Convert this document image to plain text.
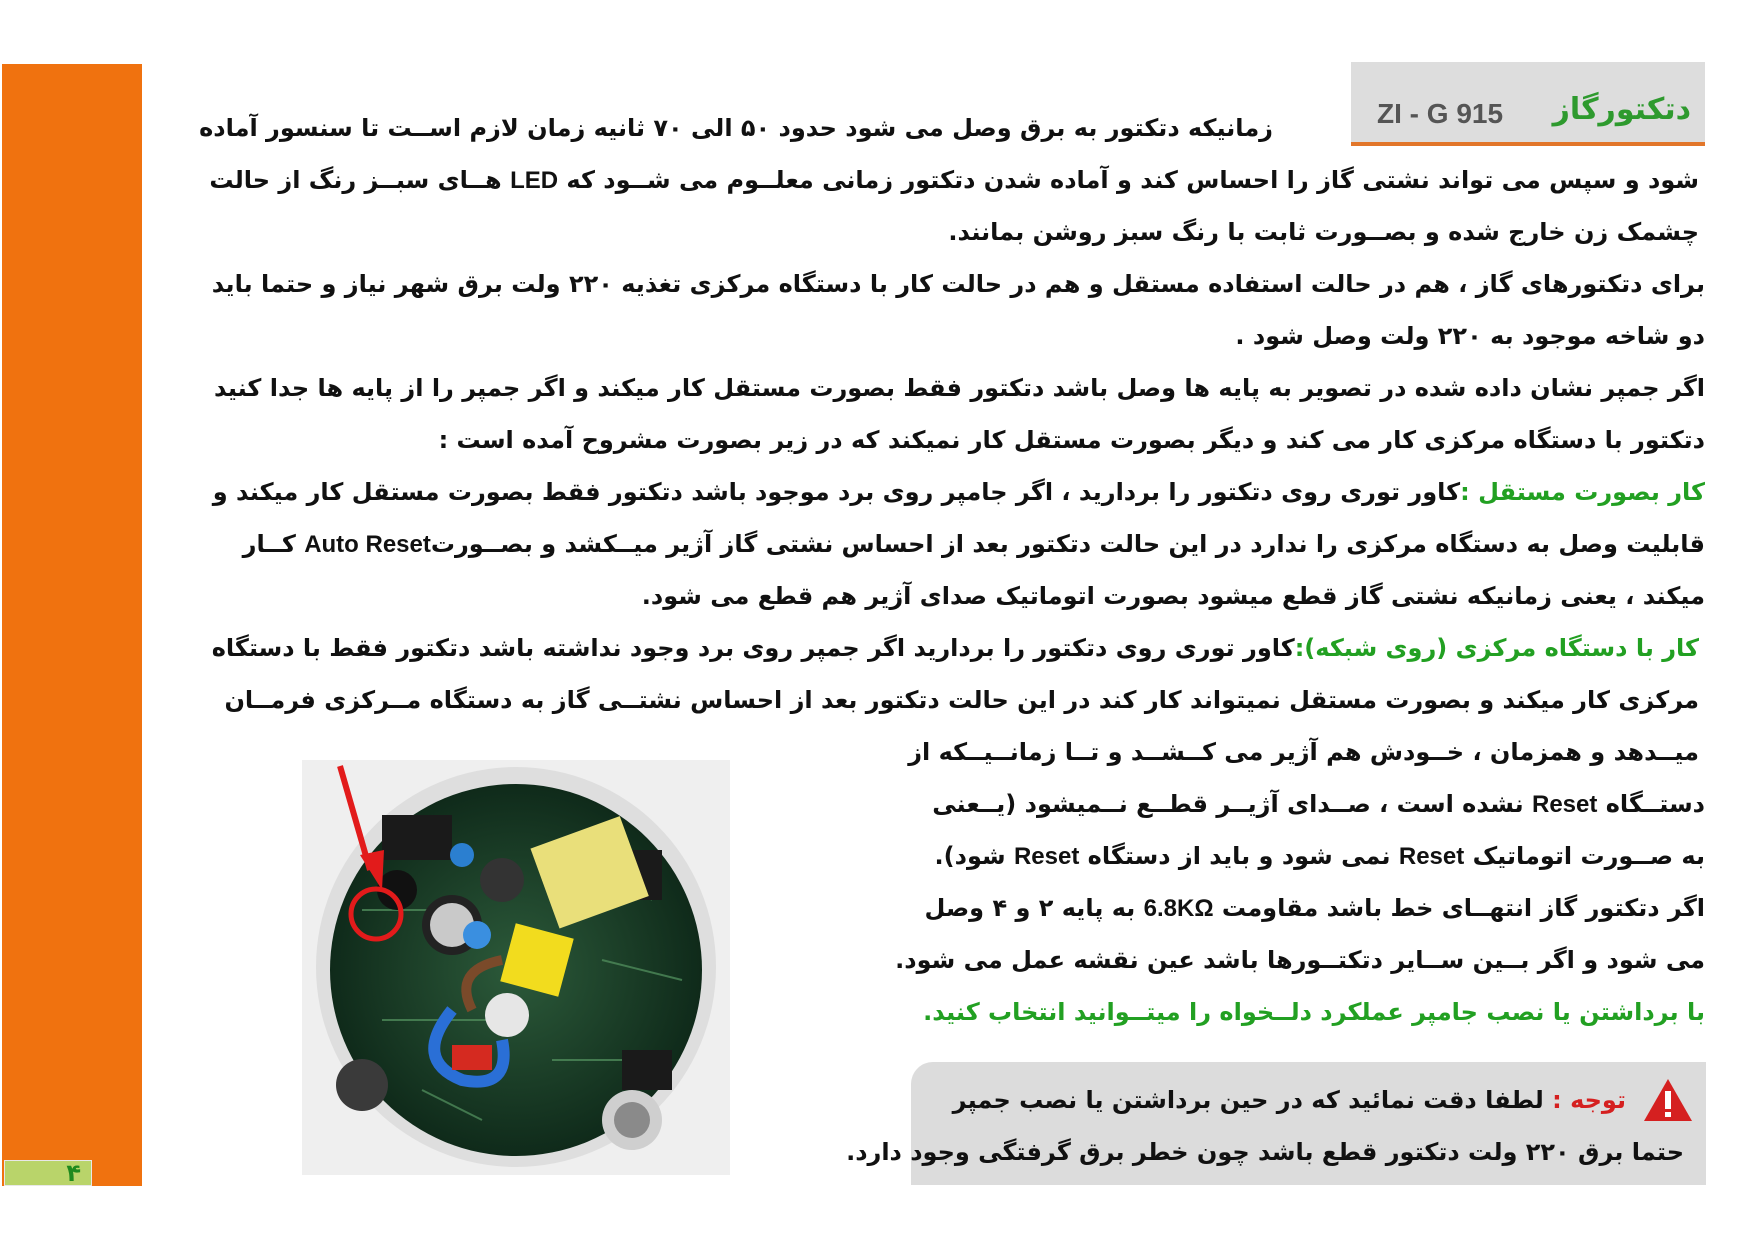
۴
دتکتورگاز
ZI - G 915
زمانیکه دتکتور به برق وصل می شود حدود ۵۰ الی ۷۰ ثانیه زمان لازم اســت تا سنسور آماده
شود و سپس می تواند نشتی گاز را احساس کند و آماده شدن دتکتور زمانی معلــوم می شــود که LED هــای سبــز رنگ از حالت
چشمک زن خارج شده و بصــورت ثابت با رنگ سبز روشن بمانند.
برای دتکتورهای گاز ، هم در حالت استفاده مستقل و هم در حالت کار با دستگاه مرکزی تغذیه ۲۲۰ ولت برق شهر نیاز و حتما باید
دو شاخه موجود به ۲۲۰ ولت وصل شود .
اگر جمپر نشان داده شده در تصویر به پایه ها وصل باشد دتکتور فقط بصورت مستقل کار میکند و اگر جمپر را از پایه ها جدا کنید
دتکتور با دستگاه مرکزی کار می کند و دیگر بصورت مستقل کار نمیکند که در زیر بصورت مشروح آمده است :
کار بصورت مستقل :کاور توری روی دتکتور را بردارید ، اگر جامپر روی برد موجود باشد دتکتور فقط بصورت مستقل کار میکند و
قابلیت وصل به دستگاه مرکزی را ندارد در این حالت دتکتور بعد از احساس نشتی گاز آژیر میــکشد و بصــورتAuto Reset کــار
میکند ، یعنی زمانیکه نشتی گاز قطع میشود بصورت اتوماتیک صدای آژیر هم قطع می شود.
کار با دستگاه مرکزی (روی شبکه):کاور توری روی دتکتور را بردارید اگر جمپر روی برد وجود نداشته باشد دتکتور فقط با دستگاه
مرکزی کار میکند و بصورت مستقل نمیتواند کار کند در این حالت دتکتور بعد از احساس نشتــی گاز به دستگاه مــرکزی فرمــان
میــدهد و همزمان ، خــودش هم آژیر می کــشــد و تــا زمانــیــکه از
دستــگاه Reset نشده است ، صــدای آژیــر قطــع نــمیشود (یــعنی
به صــورت اتوماتیک Reset نمی شود و باید از دستگاه Reset شود).
اگر دتکتور گاز انتهــای خط باشد مقاومت 6.8KΩ به پایه ۲ و ۴ وصل
می شود و اگر بــین ســایر دتکتــورها باشد عین نقشه عمل می شود.
با برداشتن یا نصب جامپر عملکرد دلــخواه را میتــوانید انتخاب کنید.
توجه : لطفا دقت نمائید که در حین برداشتن یا نصب جمپر
حتما برق ۲۲۰ ولت دتکتور قطع باشد چون خطر برق گرفتگی وجود دارد.
